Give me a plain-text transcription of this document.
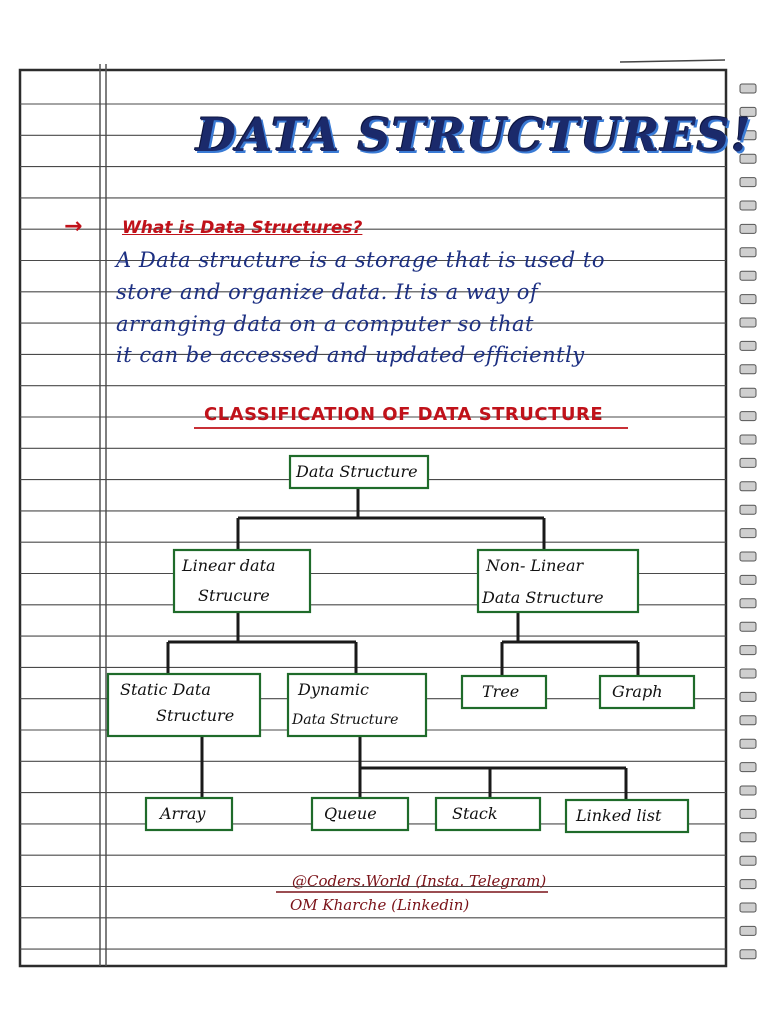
DATA STRUCTURES!
→ What is Data Structures?
A Data structure is a storage that is used to
store and organize data. It is a way of
arranging data on a computer so that
it can be accessed and updated efficiently
CLASSIFICATION OF DATA STRUCTURE
Data Structure
Linear data
Strucure
Non- Linear
Data Structure
Static Data
Structure
Dynamic
Data Structure
Tree	Graph
Array	Queue	Stack	Linked list
@Coders.World (Insta. Telegram)
OM Kharche (Linkedin)
